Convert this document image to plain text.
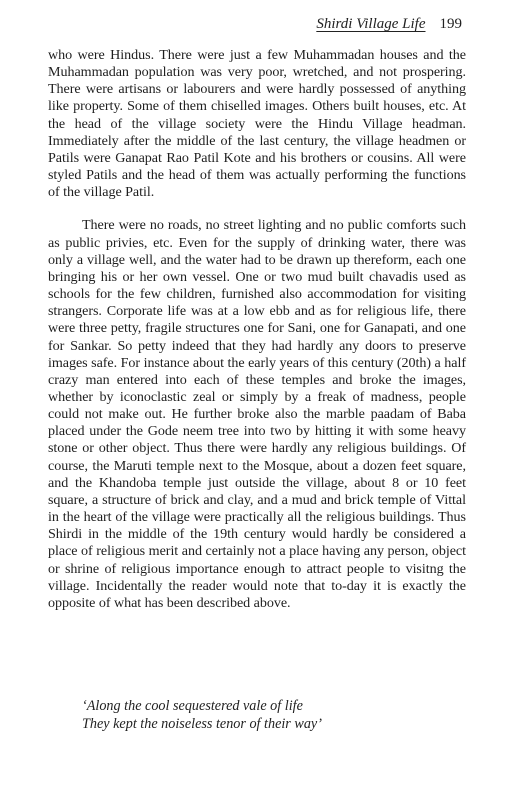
Shirdi Village Life 199

who were Hindus. There were just a few Muhammadan houses and the Muhammadan population was very poor, wretched, and not prospering. There were artisans or labourers and were hardly possessed of anything like property. Some of them chiselled images. Others built houses, etc. At the head of the village society were the Hindu Village headman. Immediately after the middle of the last century, the village headmen or Patils were Ganapat Rao Patil Kote and his brothers or cousins. All were styled Patils and the head of them was actually performing the functions of the village Patil.

There were no roads, no street lighting and no public comforts such as public privies, etc. Even for the supply of drinking water, there was only a village well, and the water had to be drawn up thereform, each one bringing his or her own vessel. One or two mud built chavadis used as schools for the few children, furnished also accommodation for visiting strangers. Corporate life was at a low ebb and as for religious life, there were three petty, fragile structures one for Sani, one for Ganapati, and one for Sankar. So petty indeed that they had hardly any doors to preserve images safe. For instance about the early years of this century (20th) a half crazy man entered into each of these temples and broke the images, whether by iconoclastic zeal or simply by a freak of madness, people could not make out. He further broke also the marble paadam of Baba placed under the Gode neem tree into two by hitting it with some heavy stone or other object. Thus there were hardly any religious buildings. Of course, the Maruti temple next to the Mosque, about a dozen feet square, and the Khandoba temple just outside the village, about 8 or 10 feet square, a structure of brick and clay, and a mud and brick temple of Vittal in the heart of the village were practically all the religious buildings. Thus Shirdi in the middle of the 19th century would hardly be considered a place of religious merit and certainly not a place having any person, object or shrine of religious importance enough to attract people to visitng the village. Incidentally the reader would note that to-day it is exactly the opposite of what has been described above.

‘Along the cool sequestered vale of life
They kept the noiseless tenor of their way’
